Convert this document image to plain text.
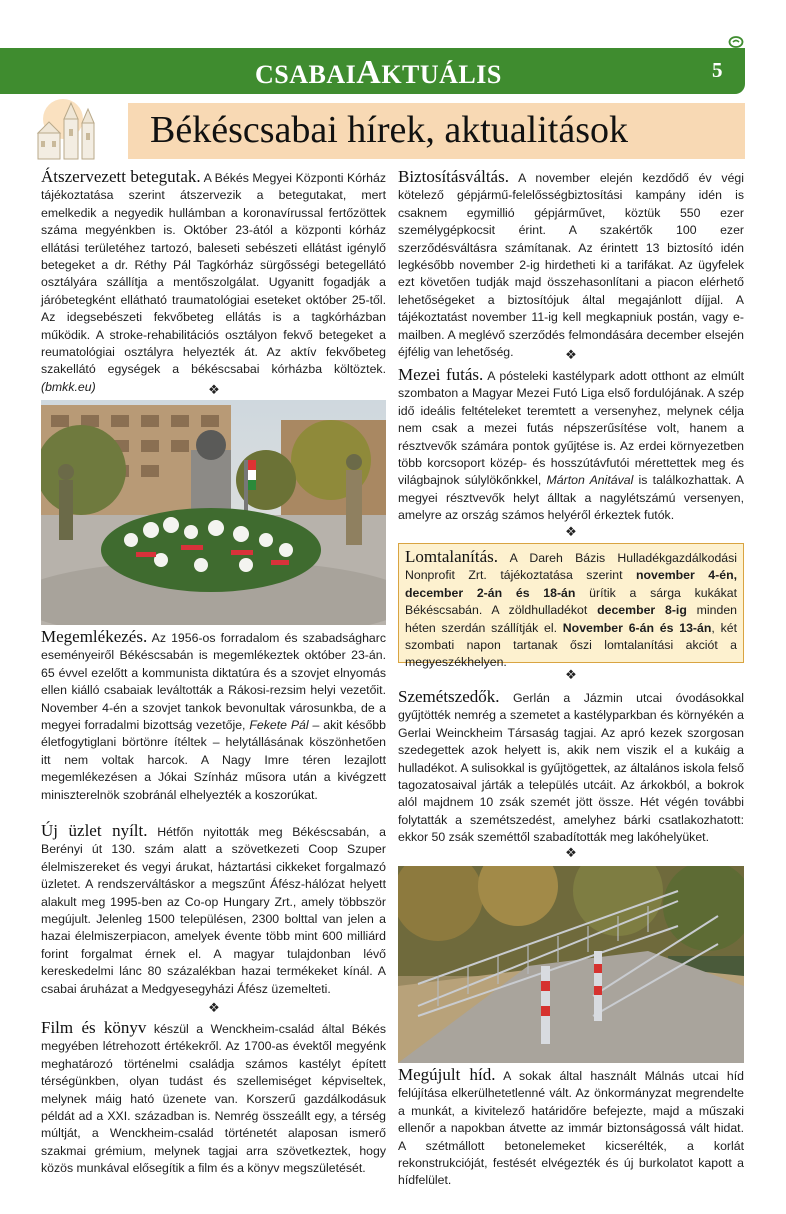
CSABAIAKTUÁLIS	5
Békéscsabai hírek, aktualitások
Átszervezett betegutak. A Békés Megyei Központi Kórház tájékoztatása szerint átszervezik a betegutakat, mert emelkedik a negyedik hullámban a koronavírussal fertőzöttek száma megyénkben is. Október 23-ától a központi kórház ellátási területéhez tartozó, baleseti sebészeti ellátást igénylő betegeket a dr. Réthy Pál Tagkórház sürgősségi betegellátó osztályára szállítja a mentőszolgálat. Ugyanitt fogadják a járóbetegként ellátható traumatológiai eseteket október 25-től. Az idegsebészeti fekvőbeteg ellátás is a tagkórházban működik. A stroke-rehabilitációs osztályon fekvő betegeket a reumatológiai osztályra helyezték át. Az aktív fekvőbeteg szakellátó egységek a békéscsabai kórházba költöztek. (bmkk.eu)	❖
Megemlékezés. Az 1956-os forradalom és szabadságharc eseményeiről Békéscsabán is megemlékeztek október 23-án. 65 évvel ezelőtt a kommunista diktatúra és a szovjet elnyomás ellen kiálló csabaiak leváltották a Rákosi-rezsim helyi vezetőit. November 4-én a szovjet tankok bevonultak városunkba, de a megyei forradalmi bizottság vezetője, Fekete Pál – akit később életfogytiglani börtönre ítéltek – helytállásának köszönhetően itt nem voltak harcok. A Nagy Imre téren lezajlott megemlékezésen a Jókai Színház műsora után a kivégzett miniszterelnök szobránál elhelyezték a koszorúkat.
Új üzlet nyílt. Hétfőn nyitották meg Békéscsabán, a Berényi út 130. szám alatt a szövetkezeti Coop Szuper élelmiszereket és vegyi árukat, háztartási cikkeket forgalmazó üzletet. A rendszerváltáskor a megszűnt Áfész-hálózat helyett alakult meg 1995-ben az Co-op Hungary Zrt., amely többször megújult. Jelenleg 1500 településen, 2300 bolttal van jelen a hazai élelmiszerpiacon, amelyek évente több mint 600 milliárd forint forgalmat érnek el. A magyar tulajdonban lévő kereskedelmi lánc 80 százalékban hazai termékeket kínál. A csabai áruházat a Medgyesegyházi Áfész üzemelteti.
❖
Film és könyv készül a Wenckheim-család által Békés megyében létrehozott értékekről. Az 1700-as évektől megyénk meghatározó történelmi családja számos kastélyt épített térségünkben, olyan tudást és szellemiséget képviseltek, melynek máig ható üzenete van. Korszerű gazdálkodásuk példát ad a XXI. században is. Nemrég összeállt egy, a térség múltját, a Wenckheim-család történetét alaposan ismerő szakmai grémium, melynek tagjai arra szövetkeztek, hogy közös munkával elősegítik a film és a könyv megszületését.
Biztosításváltás. A november elején kezdődő év végi kötelező gépjármű-felelősségbiztosítási kampány idén is csaknem egymillió gépjárművet, köztük 550 ezer személygépkocsit érint. A szakértők 100 ezer szerződésváltásra számítanak. Az érintett 13 biztosító idén legkésőbb november 2-ig hirdetheti ki a tarifákat. Az ügyfelek ezt követően tudják majd összehasonlítani a piacon elérhető lehetőségeket a biztosítójuk által megajánlott díjjal. A tájékoztatást november 11-ig kell megkapniuk postán, vagy e-mailben. A meglévő szerződés felmondására december elsején éjfélig van lehetőség.	❖
Mezei futás. A pósteleki kastélypark adott otthont az elmúlt szombaton a Magyar Mezei Futó Liga első fordulójának. A szép idő ideális feltételeket teremtett a versenyhez, melynek célja nem csak a mezei futás népszerűsítése volt, hanem a résztvevők számára pontok gyűjtése is. Az erdei környezetben több korcsoport közép- és hosszútávfutói mérettettek meg és világbajnok súlylökőnkkel, Márton Anitával is találkozhattak. A megyei résztvevők helyt álltak a nagylétszámú versenyen, amelyre az ország számos helyéről érkeztek futók.
❖
Lomtalanítás. A Dareh Bázis Hulladékgazdálkodási Nonprofit Zrt. tájékoztatása szerint november 4-én, december 2-án és 18-án ürítik a sárga kukákat Békéscsabán. A zöldhulladékot december 8-ig minden héten szerdán szállítják el. November 6-án és 13-án, két szombati napon tartanak őszi lomtalanítási akciót a megyeszékhelyen.
❖
Szemétszedők. Gerlán a Jázmin utcai óvodásokkal gyűjtötték nemrég a szemetet a kastélyparkban és környékén a Gerlai Weinckheim Társaság tagjai. Az apró kezek szorgosan szedegettek azok helyett is, akik nem viszik el a kukáig a hulladékot. A sulisokkal is gyűjtögettek, az általános iskola felső tagozatosaival járták a település utcáit. Az árkokból, a bokrok alól majdnem 10 zsák szemét jött össze. Hét végén további folytatták a szemétszedést, amelyhez bárki csatlakozhatott: ekkor 50 zsák szeméttől szabadították meg lakóhelyüket.
❖
Megújult híd. A sokak által használt Málnás utcai híd felújítása elkerülhetetlenné vált. Az önkormányzat megrendelte a munkát, a kivitelező határidőre befejezte, majd a műszaki ellenőr a napokban átvette az immár biztonságossá vált hidat. A szétmállott betonelemeket kicserélték, a korlát rekonstrukcióját, festését elvégezték és új burkolatot kapott a hídfelület.
